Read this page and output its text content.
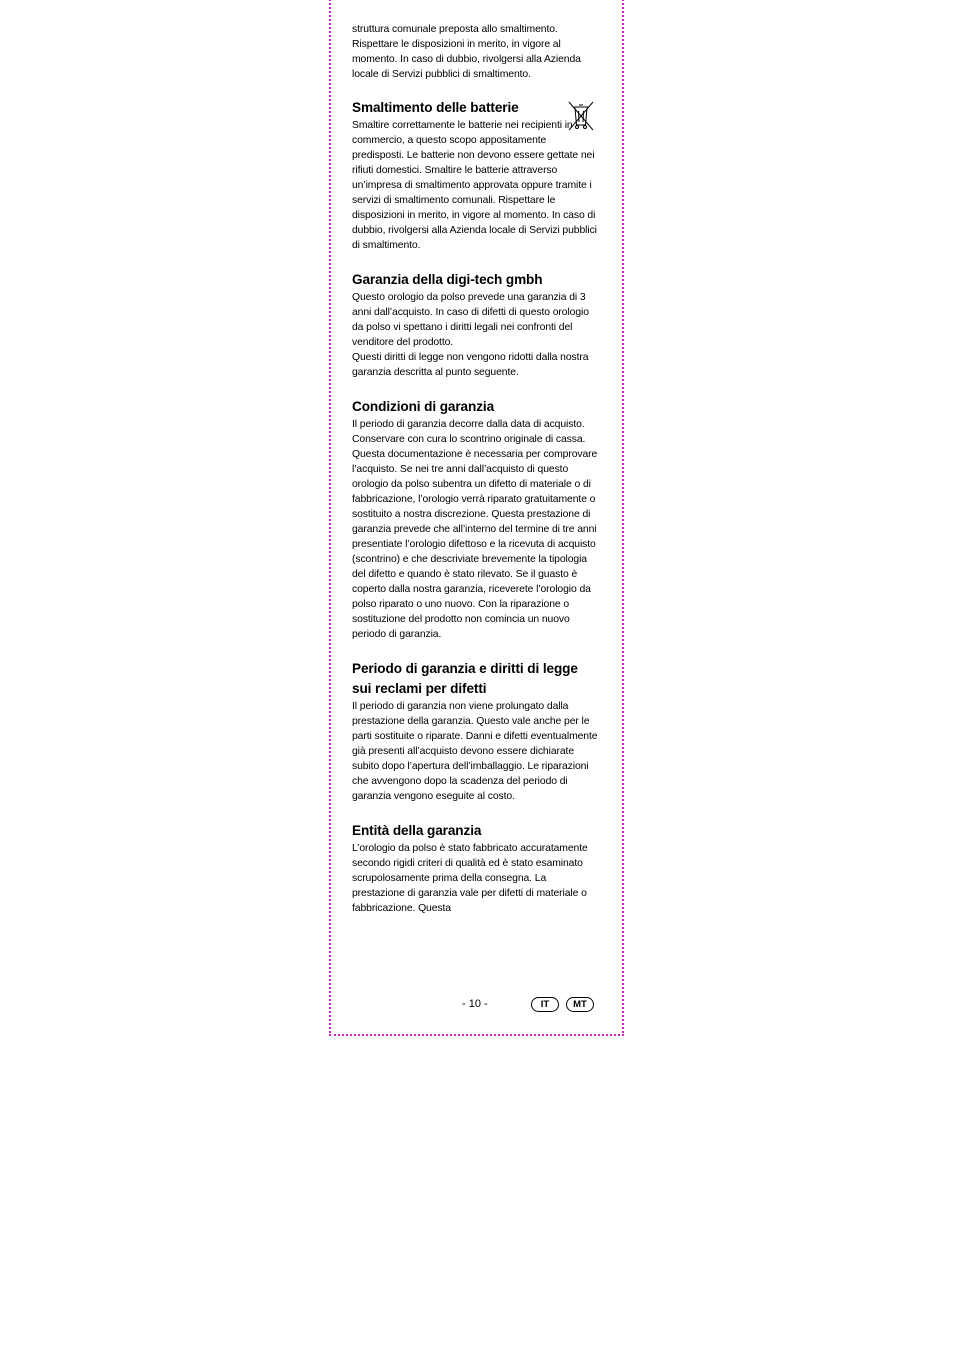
struttura comunale preposta allo smaltimento. Rispettare le disposizioni in merito, in vigore al momento. In caso di dubbio, rivolgersi alla Azienda locale di Servizi pubblici di smaltimento.

Smaltimento delle batterie

Smaltire correttamente le batterie nei recipienti in commercio, a questo scopo appositamente predisposti. Le batterie non devono essere gettate nei rifiuti domestici. Smaltire le batterie attraverso un’impresa di smaltimento approvata oppure tramite i servizi di smaltimento comunali. Rispettare le disposizioni in merito, in vigore al momento. In caso di dubbio, rivolgersi alla Azienda locale di Servizi pubblici di smaltimento.

Garanzia della digi-tech gmbh

Questo orologio da polso prevede una garanzia di 3 anni dall’acquisto. In caso di difetti di questo orologio da polso vi spettano i diritti legali nei confronti del venditore del prodotto.

Questi diritti di legge non vengono ridotti dalla nostra garanzia descritta al punto seguente.

Condizioni di garanzia

Il periodo di garanzia decorre dalla data di acquisto. Conservare con cura lo scontrino originale di cassa. Questa documentazione è necessaria per comprovare l’acquisto. Se nei tre anni dall’acquisto di questo orologio da polso subentra un difetto di materiale o di fabbricazione, l’orologio verrà riparato gratuitamente o sostituito a nostra discrezione. Questa prestazione di garanzia prevede che all’interno del termine di tre anni presentiate l’orologio difettoso e la ricevuta di acquisto (scontrino) e che descriviate brevemente la tipologia del difetto e quando è stato rilevato. Se il guasto è coperto dalla nostra garanzia, riceverete l’orologio da polso riparato o uno nuovo. Con la riparazione o sostituzione del prodotto non comincia un nuovo periodo di garanzia.

Periodo di garanzia e diritti di legge sui reclami per difetti

Il periodo di garanzia non viene prolungato dalla prestazione della garanzia. Questo vale anche per le parti sostituite o riparate. Danni e difetti eventualmente già presenti all’acquisto devono essere dichiarate subito dopo l’apertura dell’imballaggio. Le riparazioni che avvengono dopo la scadenza del periodo di garanzia vengono eseguite al costo.

Entità della garanzia

L’orologio da polso è stato fabbricato accuratamente secondo rigidi criteri di qualità ed è stato esaminato scrupolosamente prima della consegna. La prestazione di garanzia vale per difetti di materiale o fabbricazione. Questa

- 10 -	IT	MT
